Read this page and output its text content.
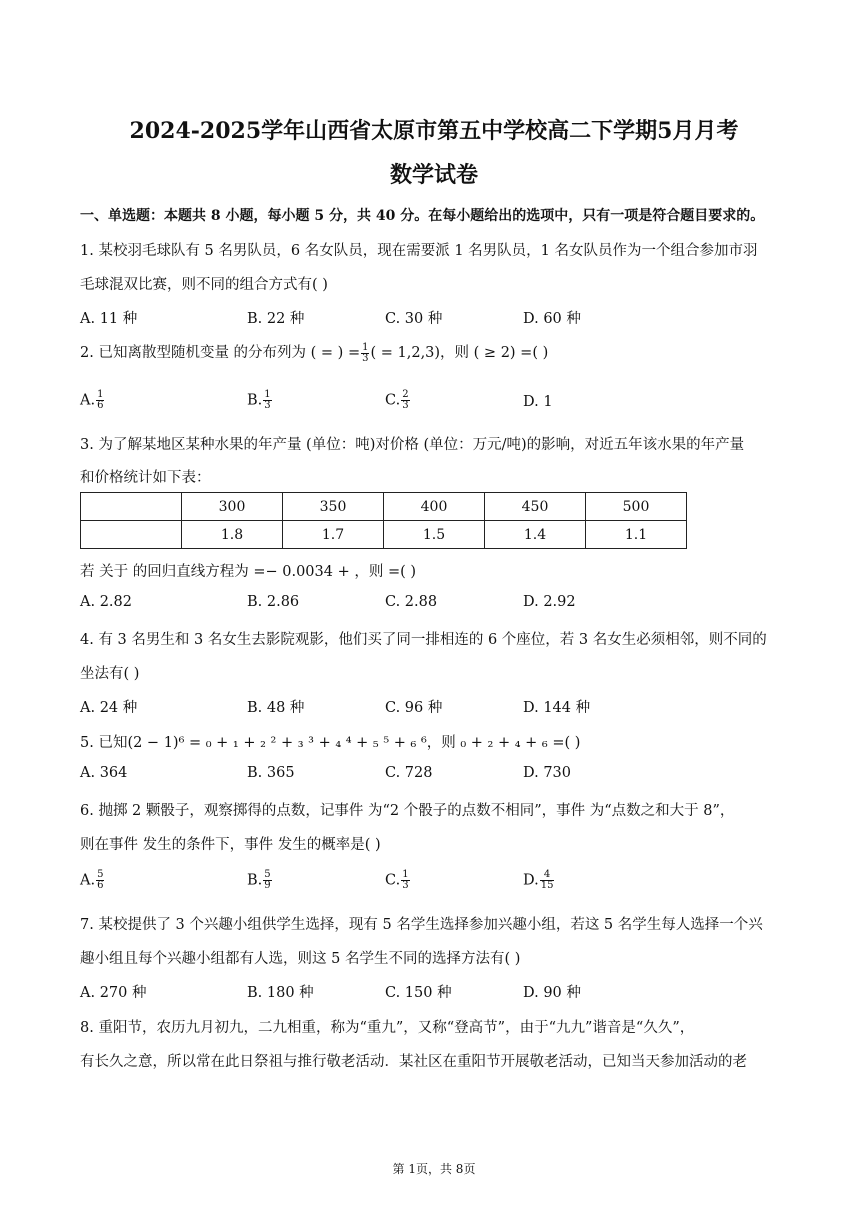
2024-2025学年山西省太原市第五中学校高二下学期5月月考
数学试卷
一、单选题：本题共 8 小题，每小题 5 分，共 40 分。在每小题给出的选项中，只有一项是符合题目要求的。
1. 某校羽毛球队有 5 名男队员，6 名女队员，现在需要派 1 名男队员，1 名女队员作为一个组合参加市羽
毛球混双比赛，则不同的组合方式有( )
A. 11 种	B. 22 种	C. 30 种	D. 60 种
2. 已知离散型随机变量 的分布列为 ( = ) = $\frac{1}{3}$ ( = 1,2,3)，则 ( ≥ 2) =( )
A. $\frac{1}{6}$	B. $\frac{1}{3}$	C. $\frac{2}{3}$	D. 1
3. 为了解某地区某种水果的年产量 (单位：吨)对价格 (单位：万元/吨)的影响，对近五年该水果的年产量
和价格统计如下表：
	300	350	400	450	500
	1.8	1.7	1.5	1.4	1.1
若 关于 的回归直线方程为 =− 0.0034 + ，则 =( )
A. 2.82	B. 2.86	C. 2.88	D. 2.92
4. 有 3 名男生和 3 名女生去影院观影，他们买了同一排相连的 6 个座位，若 3 名女生必须相邻，则不同的
坐法有( )
A. 24 种	B. 48 种	C. 96 种	D. 144 种
5. 已知(2 − 1)⁶ = ₀ + ₁ + ₂ ² + ₃ ³ + ₄ ⁴ + ₅ ⁵ + ₆ ⁶，则 ₀ + ₂ + ₄ + ₆ =( )
A. 364	B. 365	C. 728	D. 730
6. 抛掷 2 颗骰子，观察掷得的点数，记事件 为“2 个骰子的点数不相同”，事件 为“点数之和大于 8”，
则在事件 发生的条件下，事件 发生的概率是( )
A. $\frac{5}{6}$	B. $\frac{5}{9}$	C. $\frac{1}{3}$	D. $\frac{4}{15}$
7. 某校提供了 3 个兴趣小组供学生选择，现有 5 名学生选择参加兴趣小组，若这 5 名学生每人选择一个兴
趣小组且每个兴趣小组都有人选，则这 5 名学生不同的选择方法有( )
A. 270 种	B. 180 种	C. 150 种	D. 90 种
8. 重阳节，农历九月初九，二九相重，称为“重九”，又称“登高节”，由于“九九”谐音是“久久”，
有长久之意，所以常在此日祭祖与推行敬老活动．某社区在重阳节开展敬老活动，已知当天参加活动的老
第 1页，共 8页
